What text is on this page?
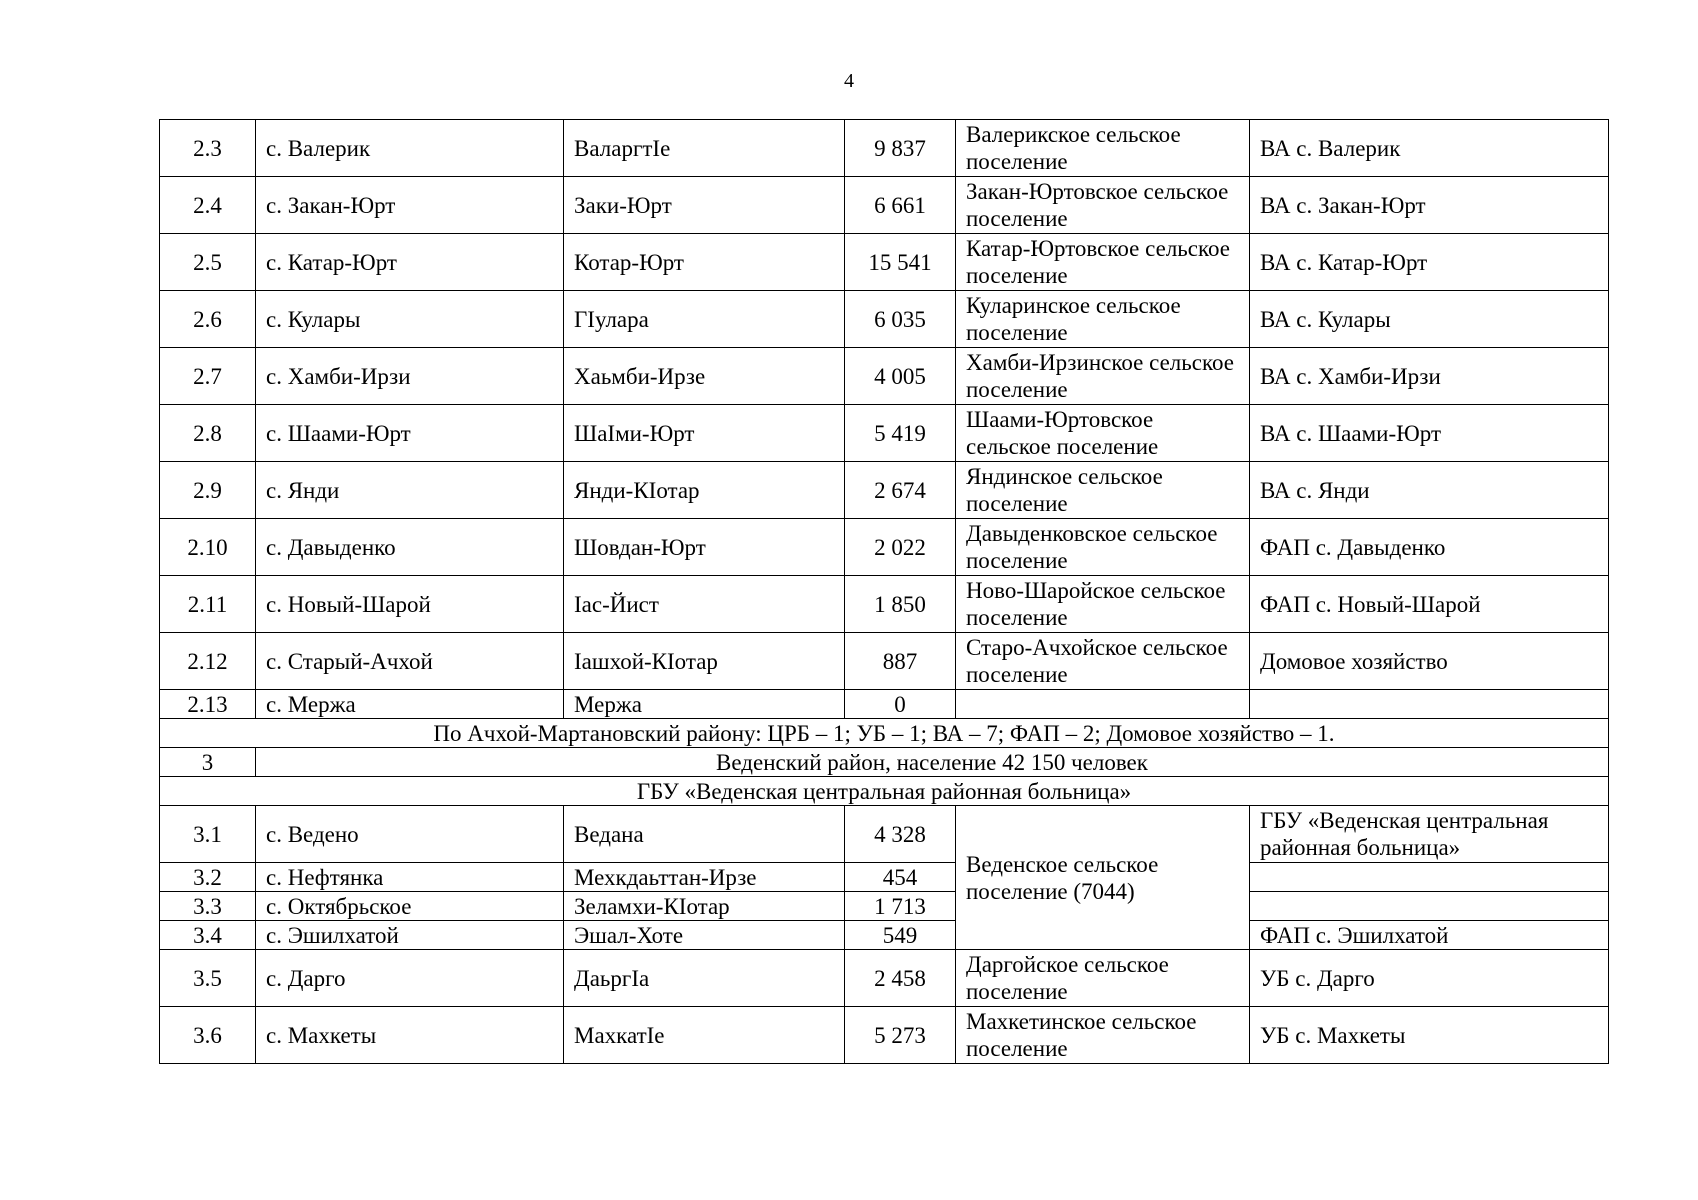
4
2.3	с. Валерик	ВаларгтIе	9 837	Валерикское сельское поселение	ВА с. Валерик
2.4	с. Закан-Юрт	Заки-Юрт	6 661	Закан-Юртовское сельское поселение	ВА с. Закан-Юрт
2.5	с. Катар-Юрт	Котар-Юрт	15 541	Катар-Юртовское сельское поселение	ВА с. Катар-Юрт
2.6	с. Кулары	ГIулара	6 035	Куларинское сельское поселение	ВА с. Кулары
2.7	с. Хамби-Ирзи	Хаьмби-Ирзе	4 005	Хамби-Ирзинское сельское поселение	ВА с. Хамби-Ирзи
2.8	с. Шаами-Юрт	ШаIми-Юрт	5 419	Шаами-Юртовское сельское поселение	ВА с. Шаами-Юрт
2.9	с. Янди	Янди-КIотар	2 674	Яндинское сельское поселение	ВА с. Янди
2.10	с. Давыденко	Шовдан-Юрт	2 022	Давыденковское сельское поселение	ФАП с. Давыденко
2.11	с. Новый-Шарой	Iас-Йист	1 850	Ново-Шаройское сельское поселение	ФАП с. Новый-Шарой
2.12	с. Старый-Ачхой	Iашхой-КIотар	887	Старо-Ачхойское сельское поселение	Домовое хозяйство
2.13	с. Мержа	Мержа	0		
По Ачхой-Мартановский району: ЦРБ – 1; УБ – 1; ВА – 7; ФАП – 2; Домовое хозяйство – 1.					
3	Веденский район, население 42 150 человек				
ГБУ «Веденская центральная районная больница»					
3.1	с. Ведено	Ведана	4 328	Веденское сельское поселение (7044)	ГБУ «Веденская центральная районная больница»
3.2	с. Нефтянка	Мехкдаьттан-Ирзе	454		
3.3	с. Октябрьское	Зеламхи-КIотар	1 713		
3.4	с. Эшилхатой	Эшал-Хоте	549		ФАП с. Эшилхатой
3.5	с. Дарго	ДаьргIа	2 458	Даргойское сельское поселение	УБ с. Дарго
3.6	с. Махкеты	МахкатIе	5 273	Махкетинское сельское поселение	УБ с. Махкеты
